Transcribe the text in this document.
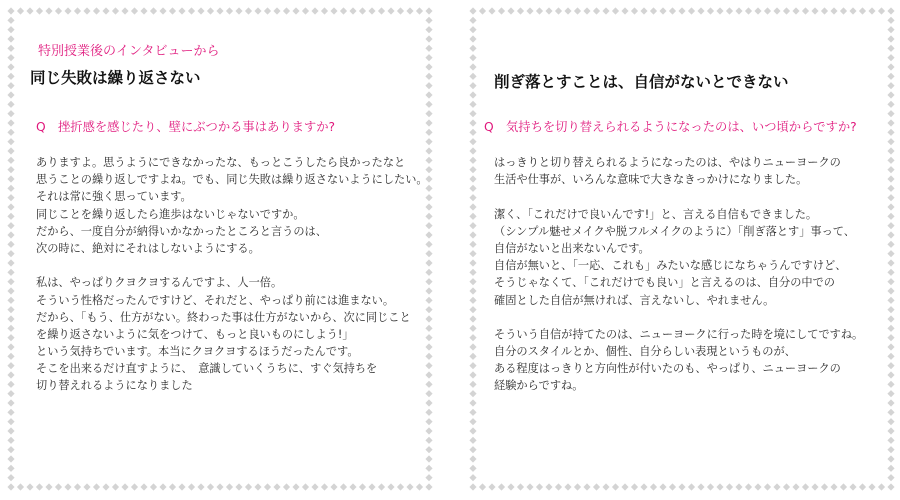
特別授業後のインタビューから
同じ失敗は繰り返さない
Q　挫折感を感じたり、壁にぶつかる事はありますか?
ありますよ。思うようにできなかったな、もっとこうしたら良かったなと
思うことの繰り返しですよね。でも、同じ失敗は繰り返さないようにしたい。
それは常に強く思っています。
同じことを繰り返したら進歩はないじゃないですか。
だから、一度自分が納得いかなかったところと言うのは、
次の時に、絶対にそれはしないようにする。
私は、やっぱりクヨクヨするんですよ、人一倍。
そういう性格だったんですけど、それだと、やっぱり前には進まない。
だから、「もう、仕方がない。終わった事は仕方がないから、次に同じこと
を繰り返さないように気をつけて、もっと良いものにしよう!」
という気持ちでいます。本当にクヨクヨするほうだったんです。
そこを出来るだけ直すように、　意識していくうちに、すぐ気持ちを
切り替えれるようになりました
削ぎ落とすことは、自信がないとできない
Q　気持ちを切り替えられるようになったのは、いつ頃からですか?
はっきりと切り替えられるようになったのは、やはりニューヨークの
生活や仕事が、いろんな意味で大きなきっかけになりました。
潔く、「これだけで良いんです!」と、言える自信もできました。
（シンプル魅せメイクや脱フルメイクのように）「削ぎ落とす」事って、
自信がないと出来ないんです。
自信が無いと、「一応、これも」みたいな感じになちゃうんですけど、
そうじゃなくて、「これだけでも良い」と言えるのは、自分の中での
確固とした自信が無ければ、言えないし、やれません。
そういう自信が持てたのは、ニューヨークに行った時を境にしてですね。
自分のスタイルとか、個性、自分らしい表現というものが、
ある程度はっきりと方向性が付いたのも、やっぱり、ニューヨークの
経験からですね。
